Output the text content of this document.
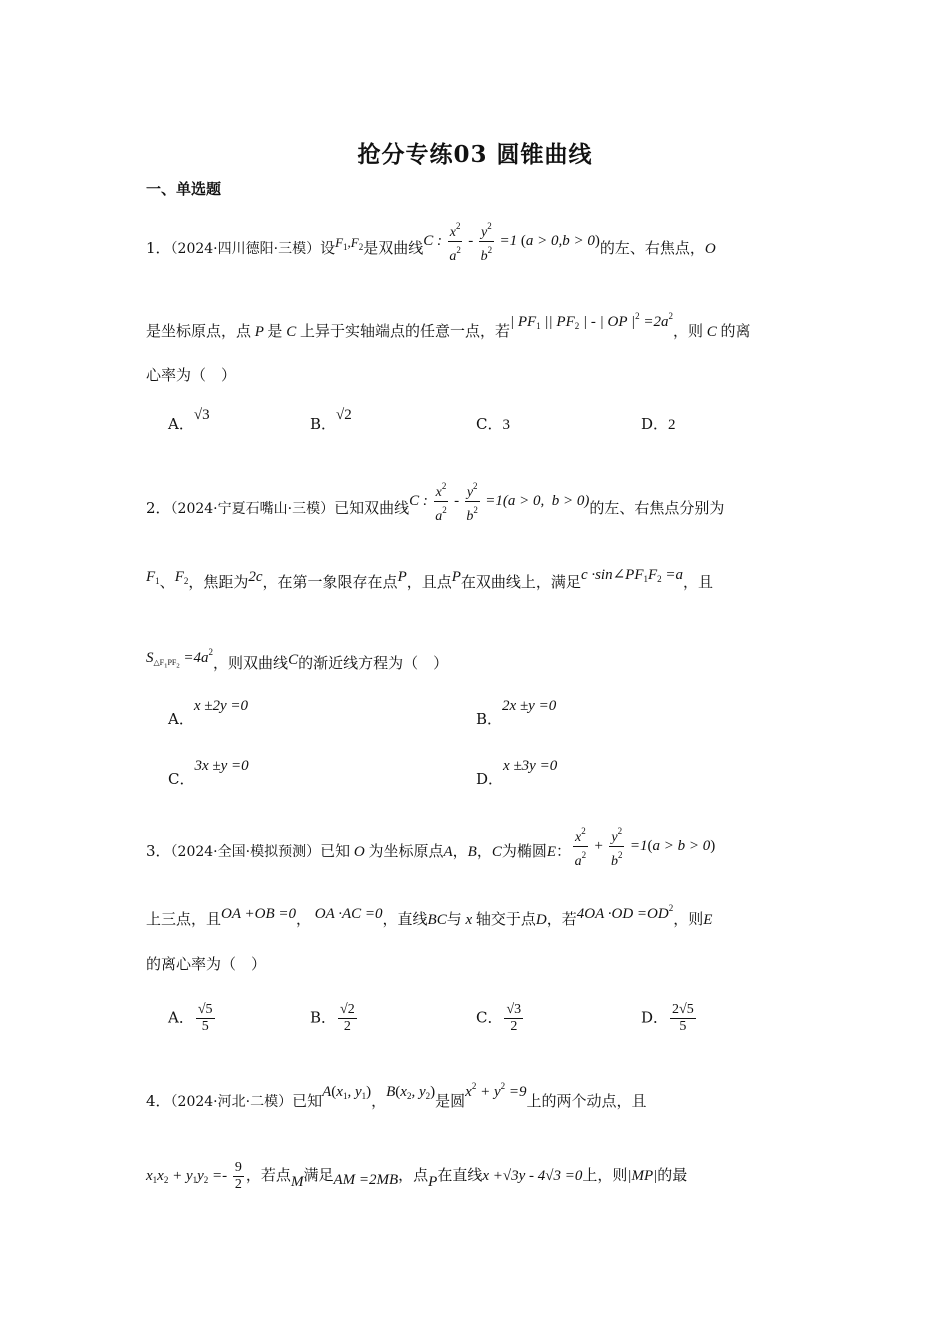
抢分专练03 圆锥曲线
一、单选题
1．（2024·四川德阳·三模）设$F_1,F_2$是双曲线C : $\frac{x^2}{a^2} - \frac{y^2}{b^2} =1$ (a > 0,b > 0)的左、右焦点，O
是坐标原点，点 P 是 C 上异于实轴端点的任意一点，若| $PF_1$ || $PF_2$ | - | OP $|^2 =2a^2$，则 C 的离
心率为（　）
A．√3	B．√2	C．3	D．2
2．（2024·宁夏石嘴山·三模）已知双曲线C : $\frac{x^2}{a^2} - \frac{y^2}{b^2} =1(a > 0$,  b > 0)的左、右焦点分别为
$F_1$、$F_2$，焦距为2c，在第一象限存在点P，且点P在双曲线上，满足$c \cdot\sin\angle PF_1F_2 =a$，且
$S_{\triangle F_1PF_2} =4a^2$，则双曲线C的渐近线方程为（　）
A．x ±2y =0
B．2x ±y =0
C．3x ±y =0
D．x ±3y =0
3．（2024·全国·模拟预测）已知 O 为坐标原点A，B，C为椭圆E： $\frac{x^2}{a^2} + \frac{y^2}{b^2} =1(a > b > 0)$
上三点，且OA +OB =0， OA ·AC =0，直线BC与 x 轴交于点D，若$4OA \cdot OD =OD^2$，则E
的离心率为（　）
A． $\frac{√5}{5}$	B． $\frac{√2}{2}$	C． $\frac{√3}{2}$	D． $\frac{2√5}{5}$
4．（2024·河北·二模）已知$A(x_1$, $y_1$)，$B(x_2$, $y_2$)是圆$x^2 + y^2 =9$上的两个动点，且
$x_1x_2 + y_1y_2 =- \frac{9}{2}$ ，若点M满足AM =2MB，点P在直线x +√3y - 4√3 =0上，则|MP|的最
